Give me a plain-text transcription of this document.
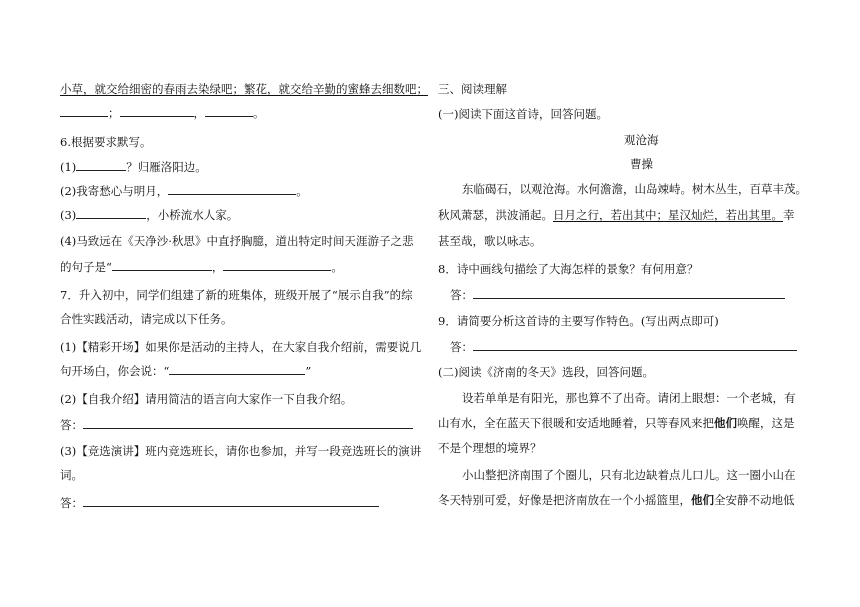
小草，就交给细密的春雨去染绿吧；繁花，就交给辛勤的蜜蜂去细数吧；
；	，	。
6.根据要求默写。
(1)	？归雁洛阳边。
(2)我寄愁心与明月，	。
(3)	，小桥流水人家。
(4)马致远在《天净沙·秋思》中直抒胸臆，道出特定时间天涯游子之悲
的句子是“	，	。
7．升入初中，同学们组建了新的班集体，班级开展了“展示自我”的综
合性实践活动，请完成以下任务。
(1)【精彩开场】如果你是活动的主持人，在大家自我介绍前，需要说几
句开场白，你会说：“	”
(2)【自我介绍】请用简洁的语言向大家作一下自我介绍。
答：
(3)【竞选演讲】班内竞选班长，请你也参加，并写一段竞选班长的演讲
词。
答：
三、阅读理解
(一)阅读下面这首诗，回答问题。
观沧海
曹操
东临碣石，以观沧海。水何澹澹，山岛竦峙。树木丛生，百草丰茂。
秋风萧瑟，洪波涌起。日月之行，若出其中；星汉灿烂，若出其里。幸
甚至哉，歌以咏志。
8．诗中画线句描绘了大海怎样的景象？有何用意？
答：
9．请简要分析这首诗的主要写作特色。(写出两点即可)
答：
(二)阅读《济南的冬天》选段，回答问题。
设若单单是有阳光，那也算不了出奇。请闭上眼想：一个老城，有
山有水，全在蓝天下很暖和安适地睡着，只等春风来把他们唤醒，这是
不是个理想的境界？
小山整把济南围了个圈儿，只有北边缺着点儿口儿。这一圈小山在
冬天特别可爱，好像是把济南放在一个小摇篮里，他们全安静不动地低
